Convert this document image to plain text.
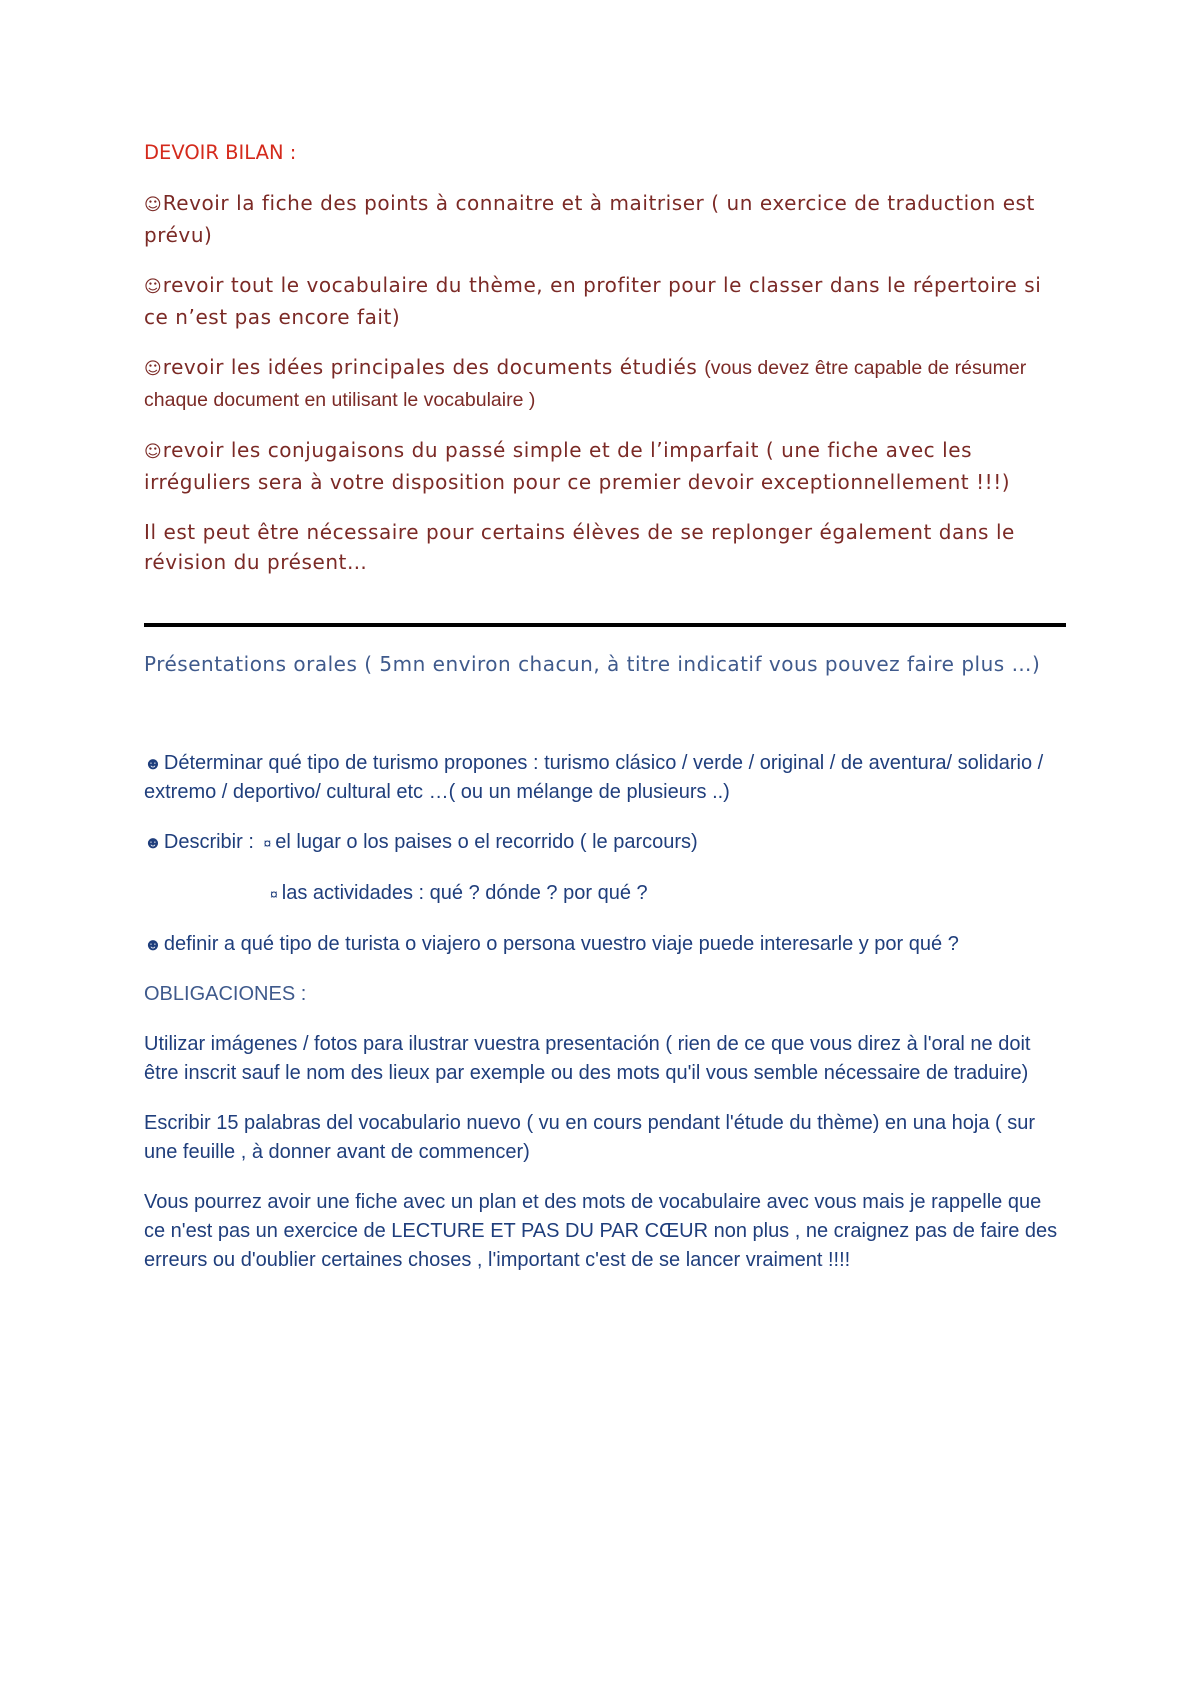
DEVOIR BILAN :

☺Revoir la fiche des points à connaitre et à maitriser ( un exercice de traduction est prévu)

☺revoir tout le vocabulaire du thème, en profiter pour le classer dans le répertoire si ce n’est pas encore fait)

☺revoir les idées principales des documents étudiés (vous devez être capable de résumer chaque document en utilisant le vocabulaire )

☺revoir les conjugaisons du passé simple et de l’imparfait ( une fiche avec les irréguliers sera à votre disposition pour ce premier devoir exceptionnellement !!!)

Il est peut être nécessaire pour certains élèves de se replonger également dans le révision du présent…

Présentations orales ( 5mn environ chacun, à titre indicatif vous pouvez faire plus …)

☻ Déterminar qué tipo de turismo propones : turismo clásico / verde / original / de aventura/ solidario / extremo / deportivo/ cultural etc …( ou un mélange de plusieurs ..)

☻ Describir : ¤ el lugar o los paises o el recorrido ( le parcours)

¤ las actividades : qué ? dónde ? por qué ?

☻ definir a qué tipo de turista o viajero o persona vuestro viaje puede interesarle y por qué ?

OBLIGACIONES :

Utilizar imágenes / fotos para ilustrar vuestra presentación ( rien de ce que vous direz à l'oral ne doit être inscrit sauf le nom des lieux par exemple ou des mots qu'il vous semble nécessaire de traduire)

Escribir 15 palabras del vocabulario nuevo ( vu en cours pendant l'étude du thème) en una hoja ( sur une feuille , à donner avant de commencer)

Vous pourrez avoir une fiche avec un plan et des mots de vocabulaire avec vous mais je rappelle que ce n'est pas un exercice de LECTURE ET PAS DU PAR CŒUR non plus , ne craignez pas de faire des erreurs ou d'oublier certaines choses , l'important c'est de se lancer vraiment !!!!
